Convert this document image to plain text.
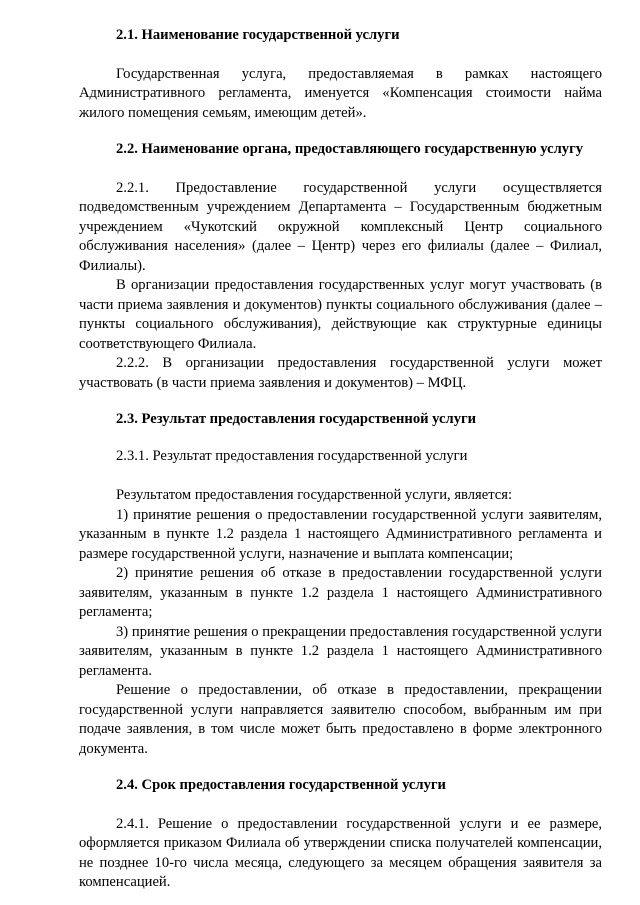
2.1. Наименование государственной услуги

Государственная услуга, предоставляемая в рамках настоящего Административного регламента, именуется «Компенсация стоимости найма жилого помещения семьям, имеющим детей».

2.2. Наименование органа, предоставляющего государственную услугу

2.2.1. Предоставление государственной услуги осуществляется подведомственным учреждением Департамента – Государственным бюджетным учреждением «Чукотский окружной комплексный Центр социального обслуживания населения» (далее – Центр) через его филиалы (далее – Филиал, Филиалы).

В организации предоставления государственных услуг могут участвовать (в части приема заявления и документов) пункты социального обслуживания (далее – пункты социального обслуживания), действующие как структурные единицы соответствующего Филиала.

2.2.2. В организации предоставления государственной услуги может участвовать (в части приема заявления и документов) – МФЦ.

2.3. Результат предоставления государственной услуги

2.3.1. Результат предоставления государственной услуги

Результатом предоставления государственной услуги, является:

1) принятие решения о предоставлении государственной услуги заявителям, указанным в пункте 1.2 раздела 1 настоящего Административного регламента и размере государственной услуги, назначение и выплата компенсации;

2) принятие решения об отказе в предоставлении государственной услуги заявителям, указанным в пункте 1.2 раздела 1 настоящего Административного регламента;

3) принятие решения о прекращении предоставления государственной услуги заявителям, указанным в пункте 1.2 раздела 1 настоящего Административного регламента.

Решение о предоставлении, об отказе в предоставлении, прекращении государственной услуги направляется заявителю способом, выбранным им при подаче заявления, в том числе может быть предоставлено в форме электронного документа.

2.4. Срок предоставления государственной услуги

2.4.1. Решение о предоставлении государственной услуги и ее размере, оформляется приказом Филиала об утверждении списка получателей компенсации, не позднее 10-го числа месяца, следующего за месяцем обращения заявителя за компенсацией.
